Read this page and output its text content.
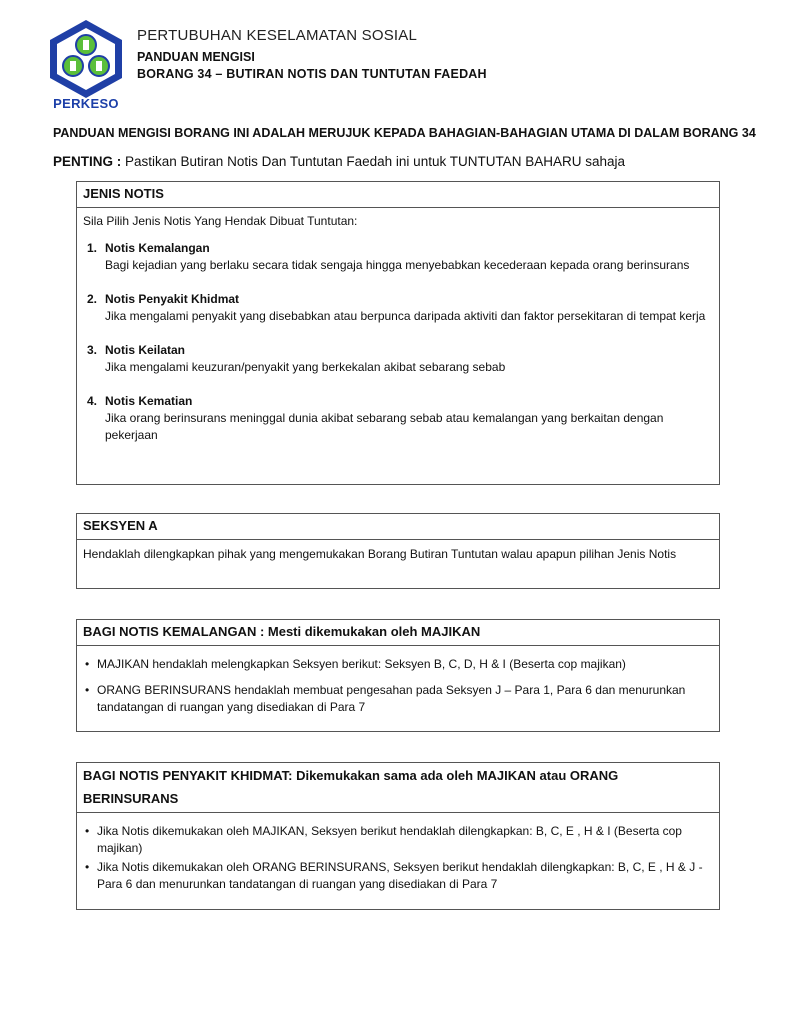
PERKESO
PERTUBUHAN KESELAMATAN SOSIAL
PANDUAN MENGISI
BORANG 34 – BUTIRAN NOTIS DAN TUNTUTAN FAEDAH
PANDUAN MENGISI BORANG INI ADALAH MERUJUK KEPADA BAHAGIAN-BAHAGIAN UTAMA DI DALAM BORANG 34
PENTING : Pastikan Butiran Notis Dan Tuntutan Faedah ini untuk TUNTUTAN BAHARU sahaja
JENIS NOTIS
Sila Pilih Jenis Notis Yang Hendak Dibuat Tuntutan:
1. Notis Kemalangan
Bagi kejadian yang berlaku secara tidak sengaja hingga menyebabkan kecederaan kepada orang berinsurans
2. Notis Penyakit Khidmat
Jika mengalami penyakit yang disebabkan atau berpunca daripada aktiviti dan faktor persekitaran di tempat kerja
3. Notis Keilatan
Jika mengalami keuzuran/penyakit yang berkekalan akibat sebarang sebab
4. Notis Kematian
Jika orang berinsurans meninggal dunia akibat sebarang sebab atau kemalangan yang berkaitan dengan pekerjaan
SEKSYEN A
Hendaklah dilengkapkan pihak yang mengemukakan Borang Butiran Tuntutan walau apapun pilihan Jenis Notis
BAGI NOTIS KEMALANGAN : Mesti dikemukakan oleh MAJIKAN
• MAJIKAN hendaklah melengkapkan Seksyen berikut: Seksyen B, C, D, H & I (Beserta cop majikan)
• ORANG BERINSURANS hendaklah membuat pengesahan pada Seksyen J – Para 1, Para 6 dan menurunkan tandatangan di ruangan yang disediakan di Para 7
BAGI NOTIS PENYAKIT KHIDMAT: Dikemukakan sama ada oleh MAJIKAN atau ORANG BERINSURANS
• Jika Notis dikemukakan oleh MAJIKAN, Seksyen berikut hendaklah dilengkapkan: B, C, E , H & I (Beserta cop majikan)
• Jika Notis dikemukakan oleh ORANG BERINSURANS, Seksyen berikut hendaklah dilengkapkan: B, C, E , H & J - Para 6 dan menurunkan tandatangan di ruangan yang disediakan di Para 7
